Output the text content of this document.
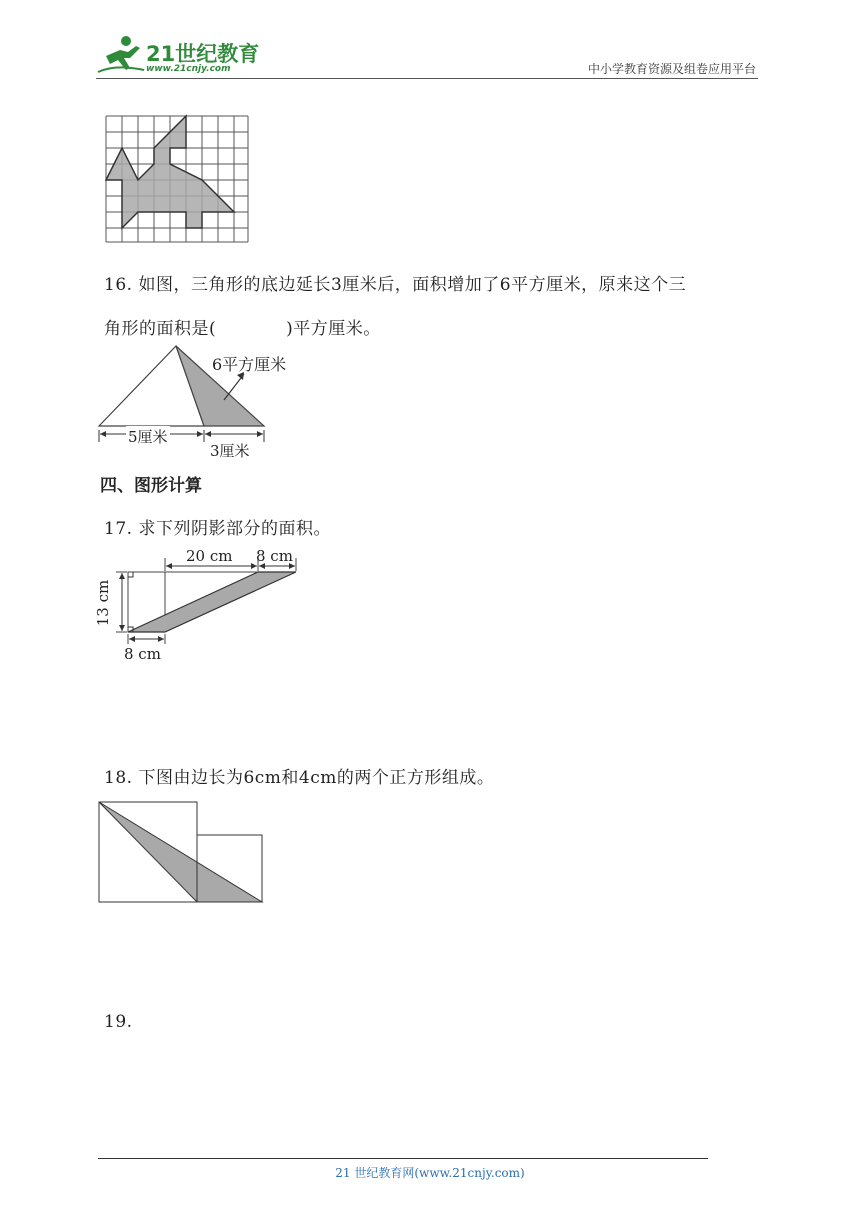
21世纪教育
www.21cnjy.com	中小学教育资源及组卷应用平台
16. 如图，三角形的底边延长3厘米后，面积增加了6平方厘米，原来这个三
角形的面积是(　　　　)平方厘米。
6平方厘米
5厘米
3厘米
四、图形计算
17. 求下列阴影部分的面积。
20 cm 8 cm
13 cm
8 cm
18. 下图由边长为6cm和4cm的两个正方形组成。
19.
21 世纪教育网(www.21cnjy.com)
